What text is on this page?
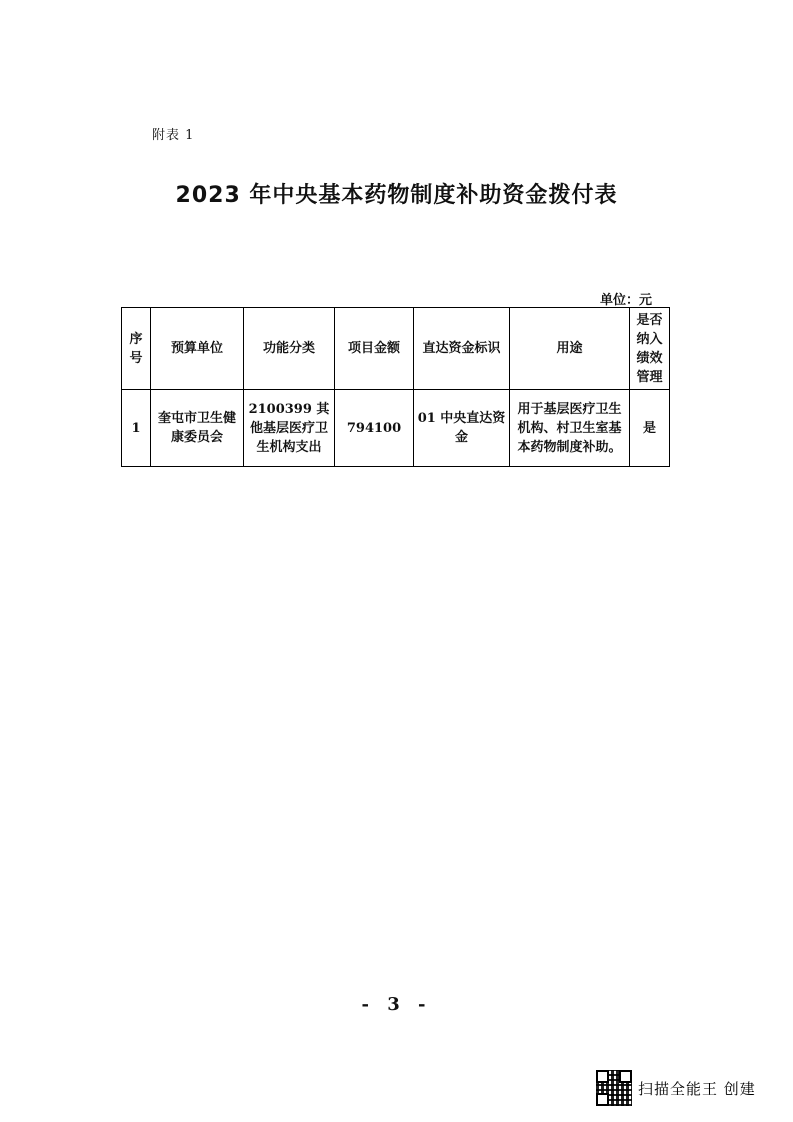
附表 1
2023 年中央基本药物制度补助资金拨付表
单位：元
序号	预算单位	功能分类	项目金额	直达资金标识	用途	是否纳入绩效管理
1	奎屯市卫生健康委员会	2100399 其他基层医疗卫生机构支出	794100	01 中央直达资金	用于基层医疗卫生机构、村卫生室基本药物制度补助。	是
- 3 -
扫描全能王 创建
